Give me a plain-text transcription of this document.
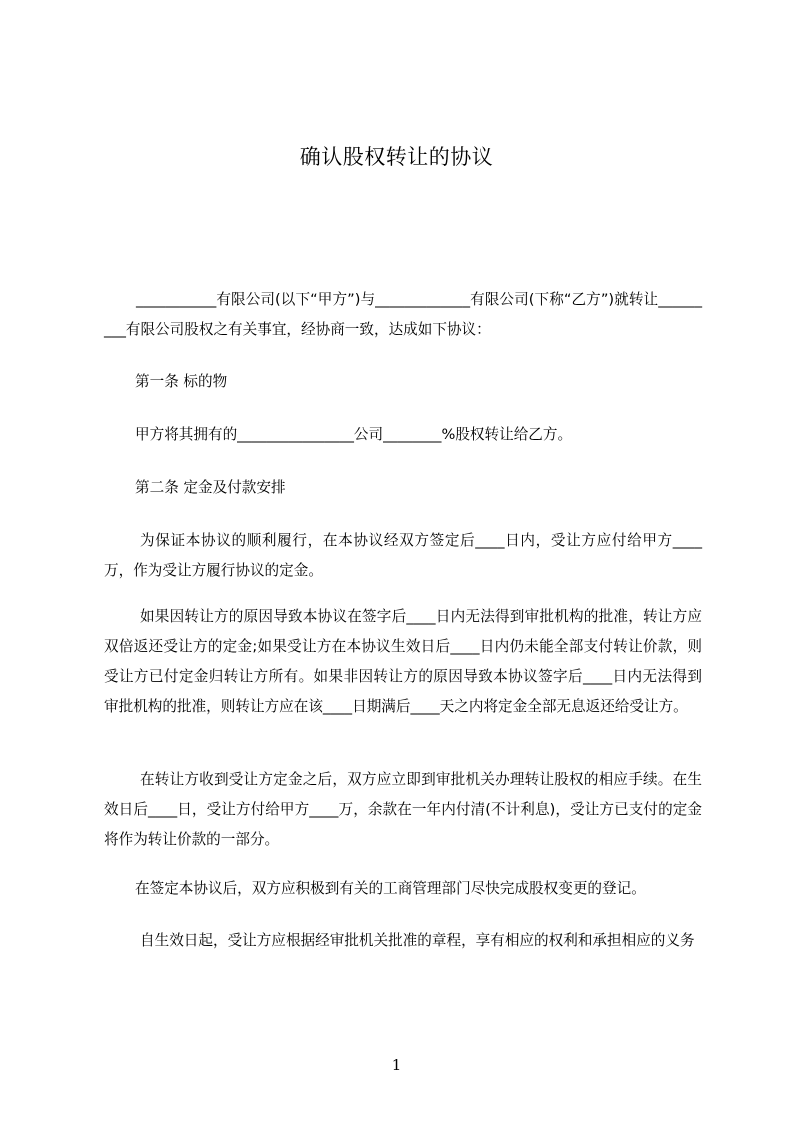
确认股权转让的协议

___________有限公司(以下“甲方”)与_____________有限公司(下称“乙方”)就转让_________有限公司股权之有关事宜，经协商一致，达成如下协议：

第一条 标的物

甲方将其拥有的________________公司________%股权转让给乙方。

第二条 定金及付款安排

为保证本协议的顺利履行，在本协议经双方签定后____日内，受让方应付给甲方____万，作为受让方履行协议的定金。

如果因转让方的原因导致本协议在签字后____日内无法得到审批机构的批准，转让方应双倍返还受让方的定金;如果受让方在本协议生效日后____日内仍未能全部支付转让价款，则受让方已付定金归转让方所有。如果非因转让方的原因导致本协议签字后____日内无法得到审批机构的批准，则转让方应在该____日期满后____天之内将定金全部无息返还给受让方。

在转让方收到受让方定金之后，双方应立即到审批机关办理转让股权的相应手续。在生效日后____日，受让方付给甲方____万，余款在一年内付清(不计利息)，受让方已支付的定金将作为转让价款的一部分。

在签定本协议后，双方应积极到有关的工商管理部门尽快完成股权变更的登记。

自生效日起，受让方应根据经审批机关批准的章程，享有相应的权利和承担相应的义务

1
